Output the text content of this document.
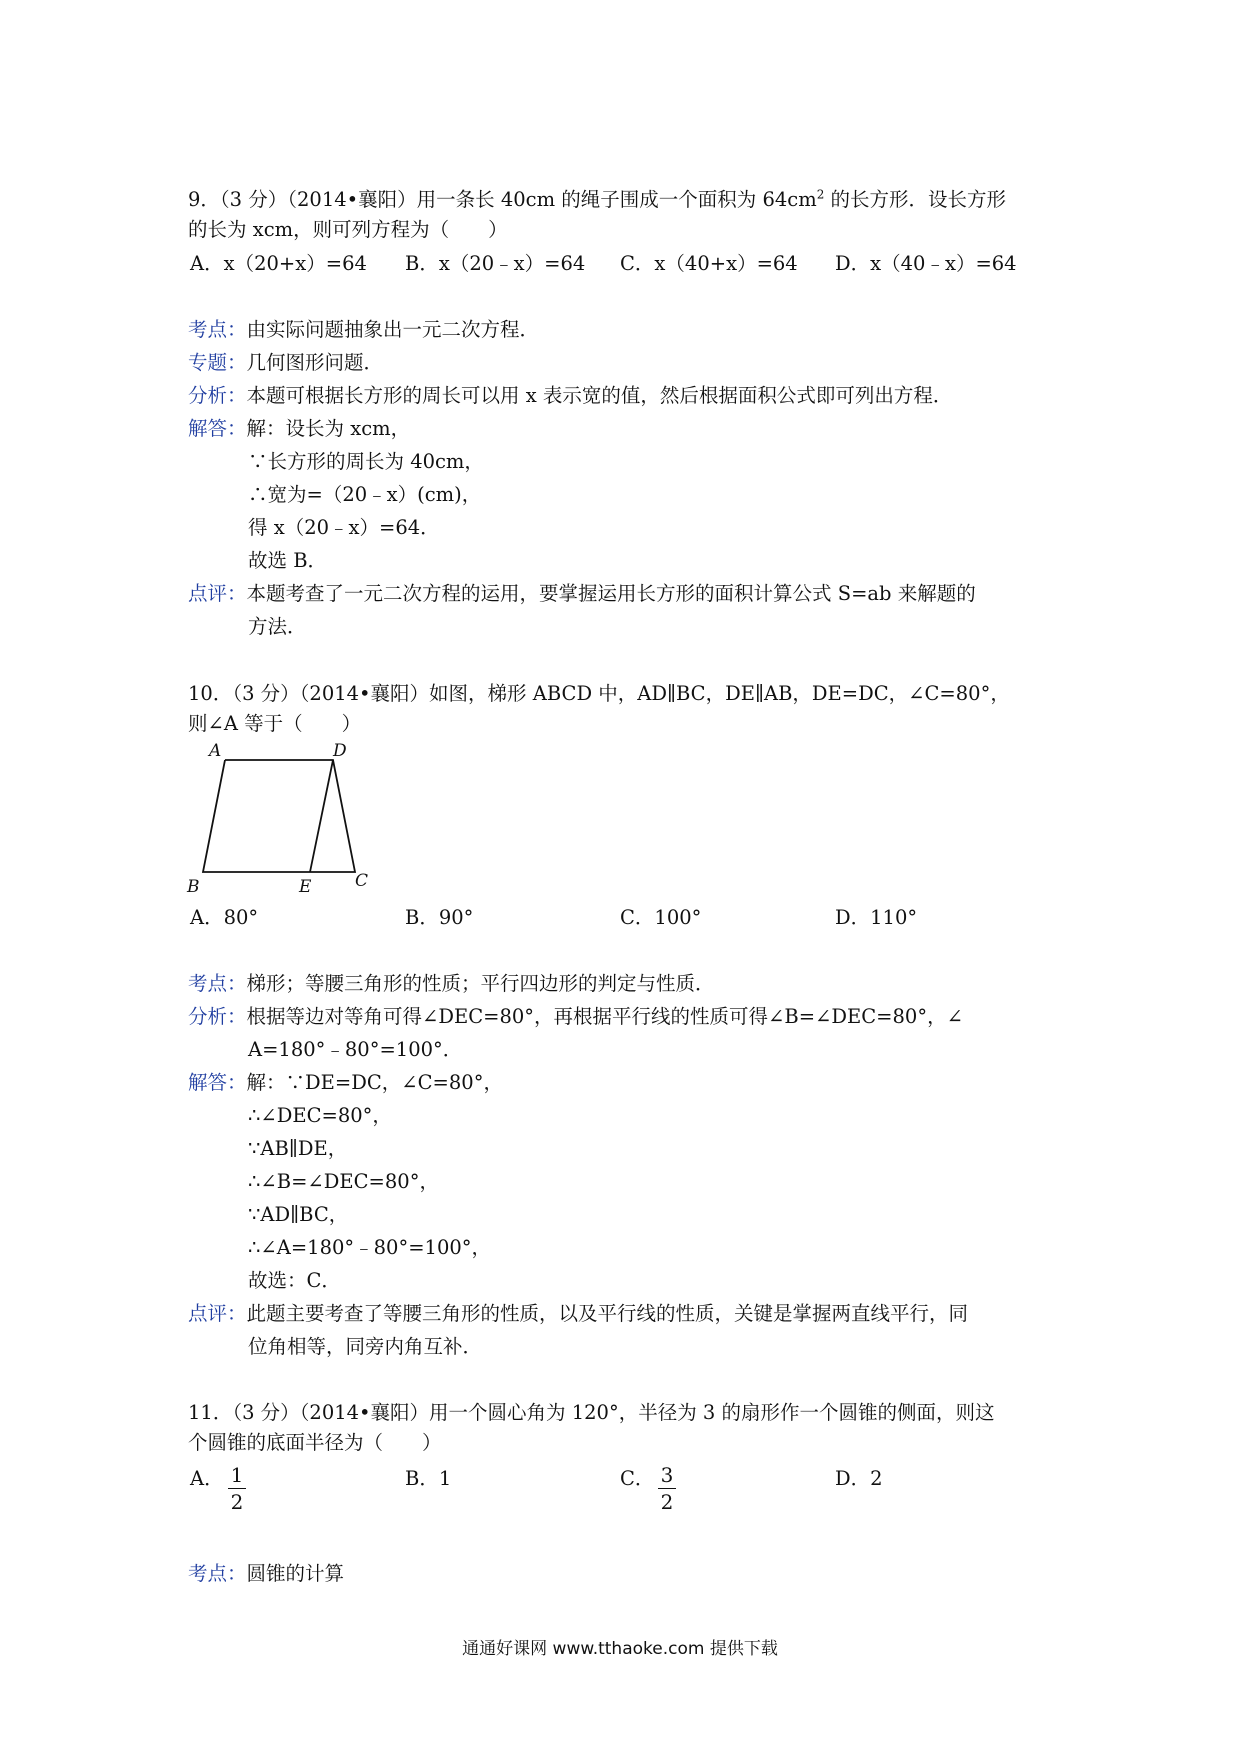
9．（3 分）（2014•襄阳）用一条长 40cm 的绳子围成一个面积为 $64cm^2$ 的长方形．设长方形
的长为 xcm，则可列方程为（　　）
A．x（20+x）=64 B．x（20﹣x）=64 C．x（40+x）=64 D．x（40﹣x）=64
考点：由实际问题抽象出一元二次方程．
专题：几何图形问题．
分析：本题可根据长方形的周长可以用 x 表示宽的值，然后根据面积公式即可列出方程．
解答：解：设长为 xcm，
∵长方形的周长为 40cm，
∴宽为=（20﹣x）(cm)，
得 x（20﹣x）=64．
故选 B．
点评：本题考查了一元二次方程的运用，要掌握运用长方形的面积计算公式 S=ab 来解题的
方法．
10．（3 分）（2014•襄阳）如图，梯形 ABCD 中，AD∥BC，DE∥AB，DE=DC，∠C=80°，
则∠A 等于（　　）
A	D
B	E	C
A．80°	B．90°	C．100°	D．110°
考点：梯形；等腰三角形的性质；平行四边形的判定与性质．
分析：根据等边对等角可得∠DEC=80°，再根据平行线的性质可得∠B=∠DEC=80°，∠
A=180°﹣80°=100°．
解答：解：∵DE=DC，∠C=80°，
∴∠DEC=80°，
∵AB∥DE，
∴∠B=∠DEC=80°，
∵AD∥BC，
∴∠A=180°﹣80°=100°，
故选：C．
点评：此题主要考查了等腰三角形的性质，以及平行线的性质，关键是掌握两直线平行，同
位角相等，同旁内角互补．
11．（3 分）（2014•襄阳）用一个圆心角为 120°，半径为 3 的扇形作一个圆锥的侧面，则这
个圆锥的底面半径为（　　）
A． 1
2
B．1	C． 3
2
D．2
考点：圆锥的计算
通通好课网 www.tthaoke.com 提供下载
